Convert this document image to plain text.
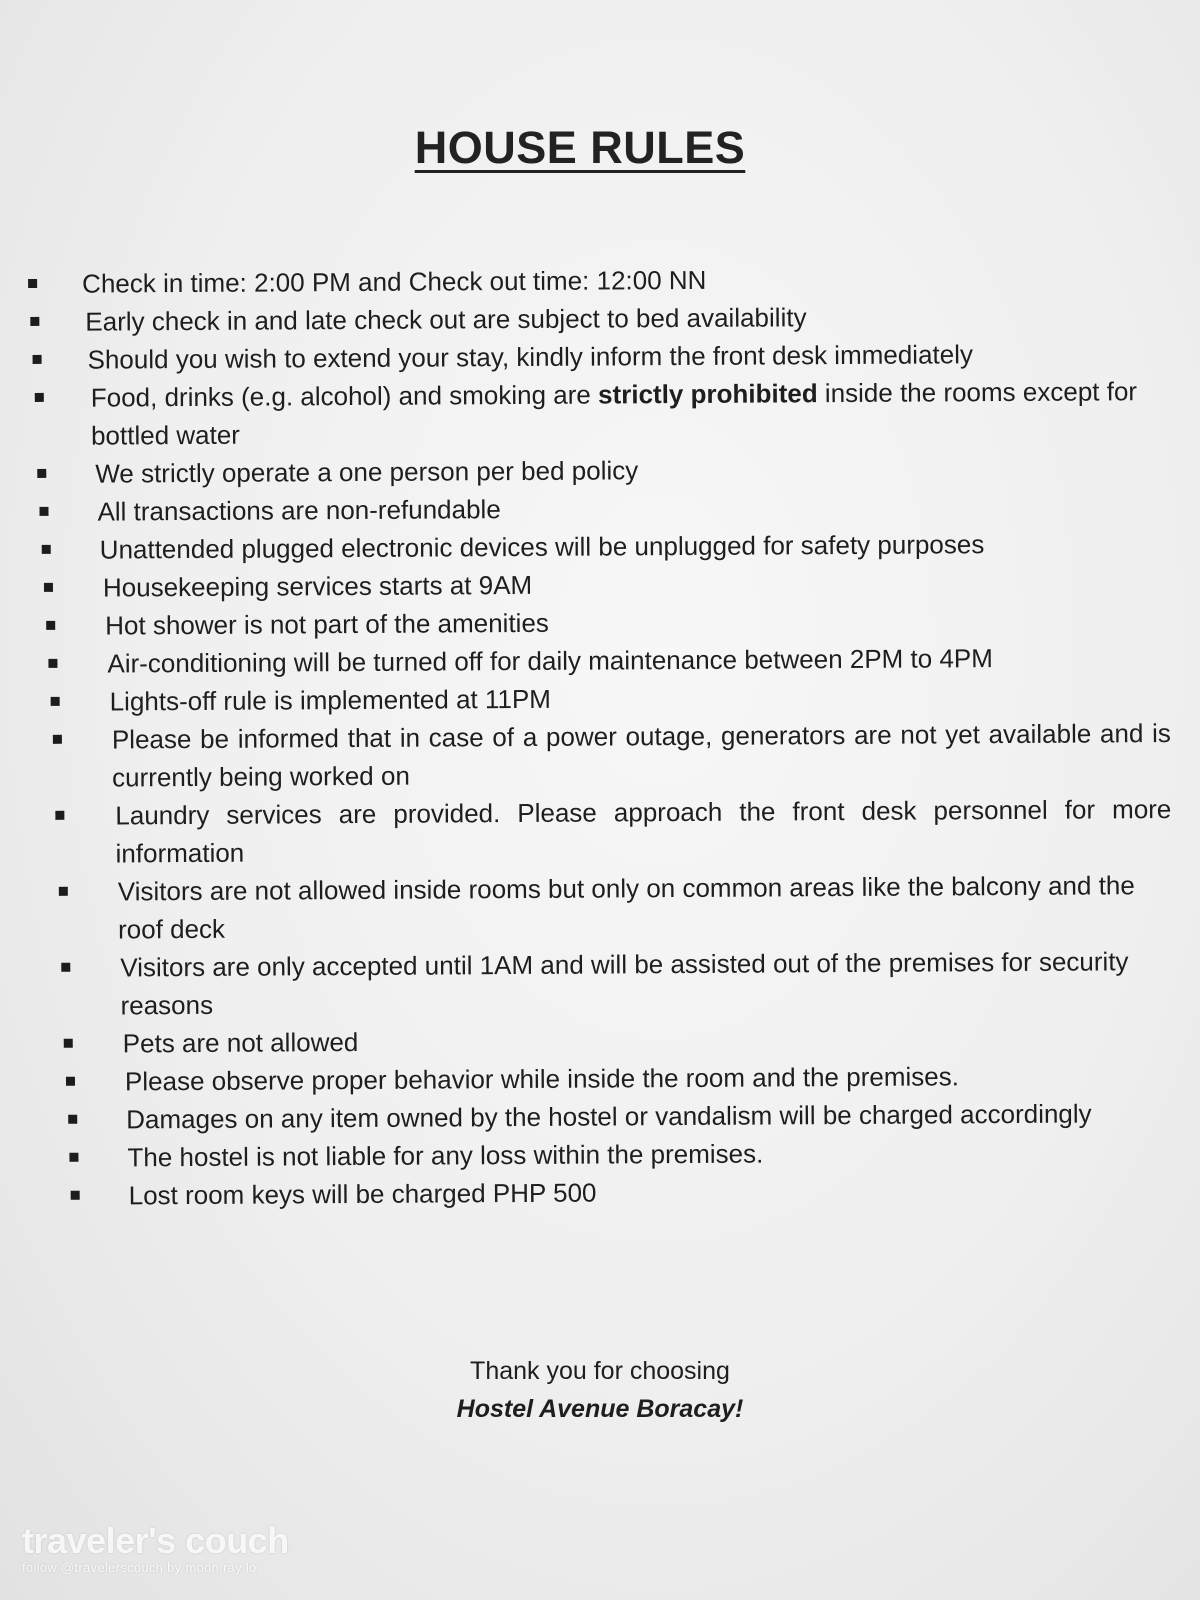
HOUSE RULES
Check in time: 2:00 PM and Check out time: 12:00 NN
Early check in and late check out are subject to bed availability
Should you wish to extend your stay, kindly inform the front desk immediately
Food, drinks (e.g. alcohol) and smoking are strictly prohibited inside the rooms except for bottled water
We strictly operate a one person per bed policy
All transactions are non-refundable
Unattended plugged electronic devices will be unplugged for safety purposes
Housekeeping services starts at 9AM
Hot shower is not part of the amenities
Air-conditioning will be turned off for daily maintenance between 2PM to 4PM
Lights-off rule is implemented at 11PM
Please be informed that in case of a power outage, generators are not yet available and is currently being worked on
Laundry services are provided. Please approach the front desk personnel for more information
Visitors are not allowed inside rooms but only on common areas like the balcony and the roof deck
Visitors are only accepted until 1AM and will be assisted out of the premises for security reasons
Pets are not allowed
Please observe proper behavior while inside the room and the premises.
Damages on any item owned by the hostel or vandalism will be charged accordingly
The hostel is not liable for any loss within the premises.
Lost room keys will be charged PHP 500
Thank you for choosing
Hostel Avenue Boracay!
traveler's couch
follow @travelerscouch by moon ray lo
